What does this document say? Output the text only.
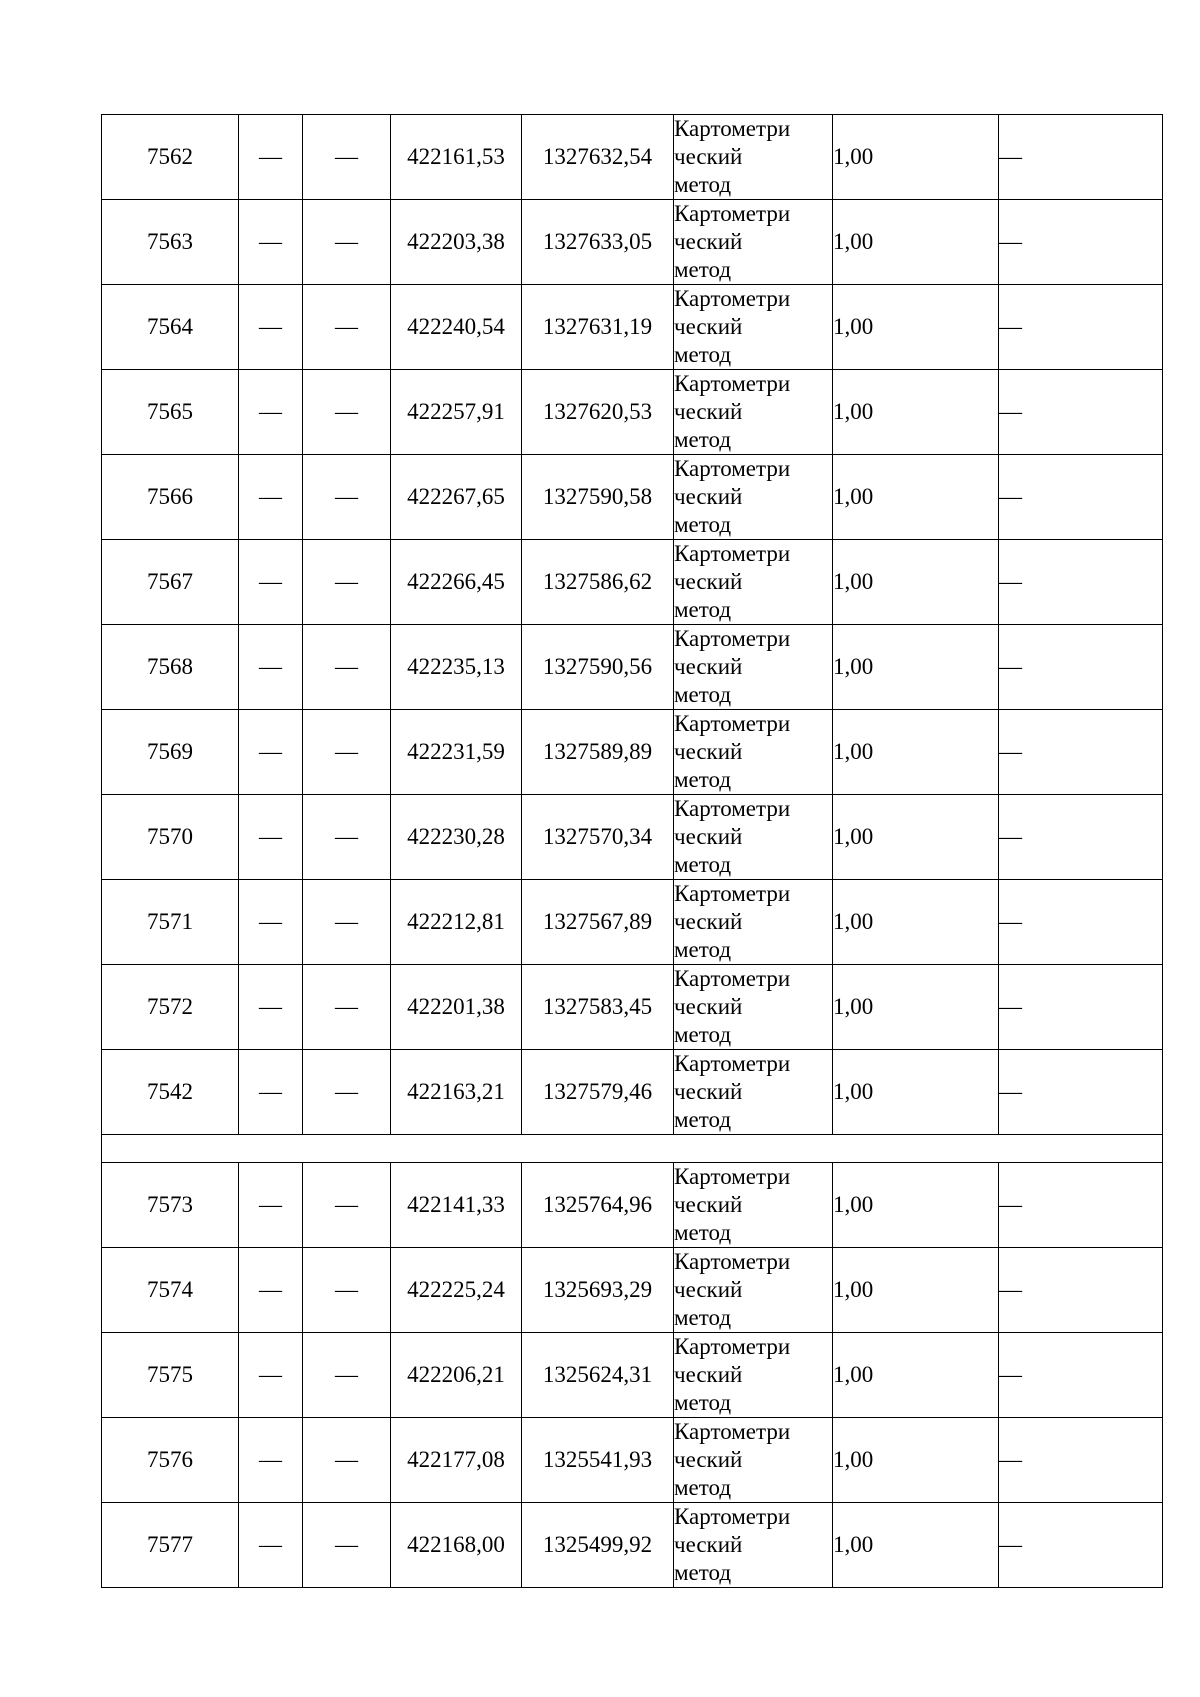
7562	—	—	422161,53	1327632,54	Картометри
ческий
метод	1,00	—
7563	—	—	422203,38	1327633,05	Картометри
ческий
метод	1,00	—
7564	—	—	422240,54	1327631,19	Картометри
ческий
метод	1,00	—
7565	—	—	422257,91	1327620,53	Картометри
ческий
метод	1,00	—
7566	—	—	422267,65	1327590,58	Картометри
ческий
метод	1,00	—
7567	—	—	422266,45	1327586,62	Картометри
ческий
метод	1,00	—
7568	—	—	422235,13	1327590,56	Картометри
ческий
метод	1,00	—
7569	—	—	422231,59	1327589,89	Картометри
ческий
метод	1,00	—
7570	—	—	422230,28	1327570,34	Картометри
ческий
метод	1,00	—
7571	—	—	422212,81	1327567,89	Картометри
ческий
метод	1,00	—
7572	—	—	422201,38	1327583,45	Картометри
ческий
метод	1,00	—
7542	—	—	422163,21	1327579,46	Картометри
ческий
метод	1,00	—

7573	—	—	422141,33	1325764,96	Картометри
ческий
метод	1,00	—
7574	—	—	422225,24	1325693,29	Картометри
ческий
метод	1,00	—
7575	—	—	422206,21	1325624,31	Картометри
ческий
метод	1,00	—
7576	—	—	422177,08	1325541,93	Картометри
ческий
метод	1,00	—
7577	—	—	422168,00	1325499,92	Картометри
ческий
метод	1,00	—
